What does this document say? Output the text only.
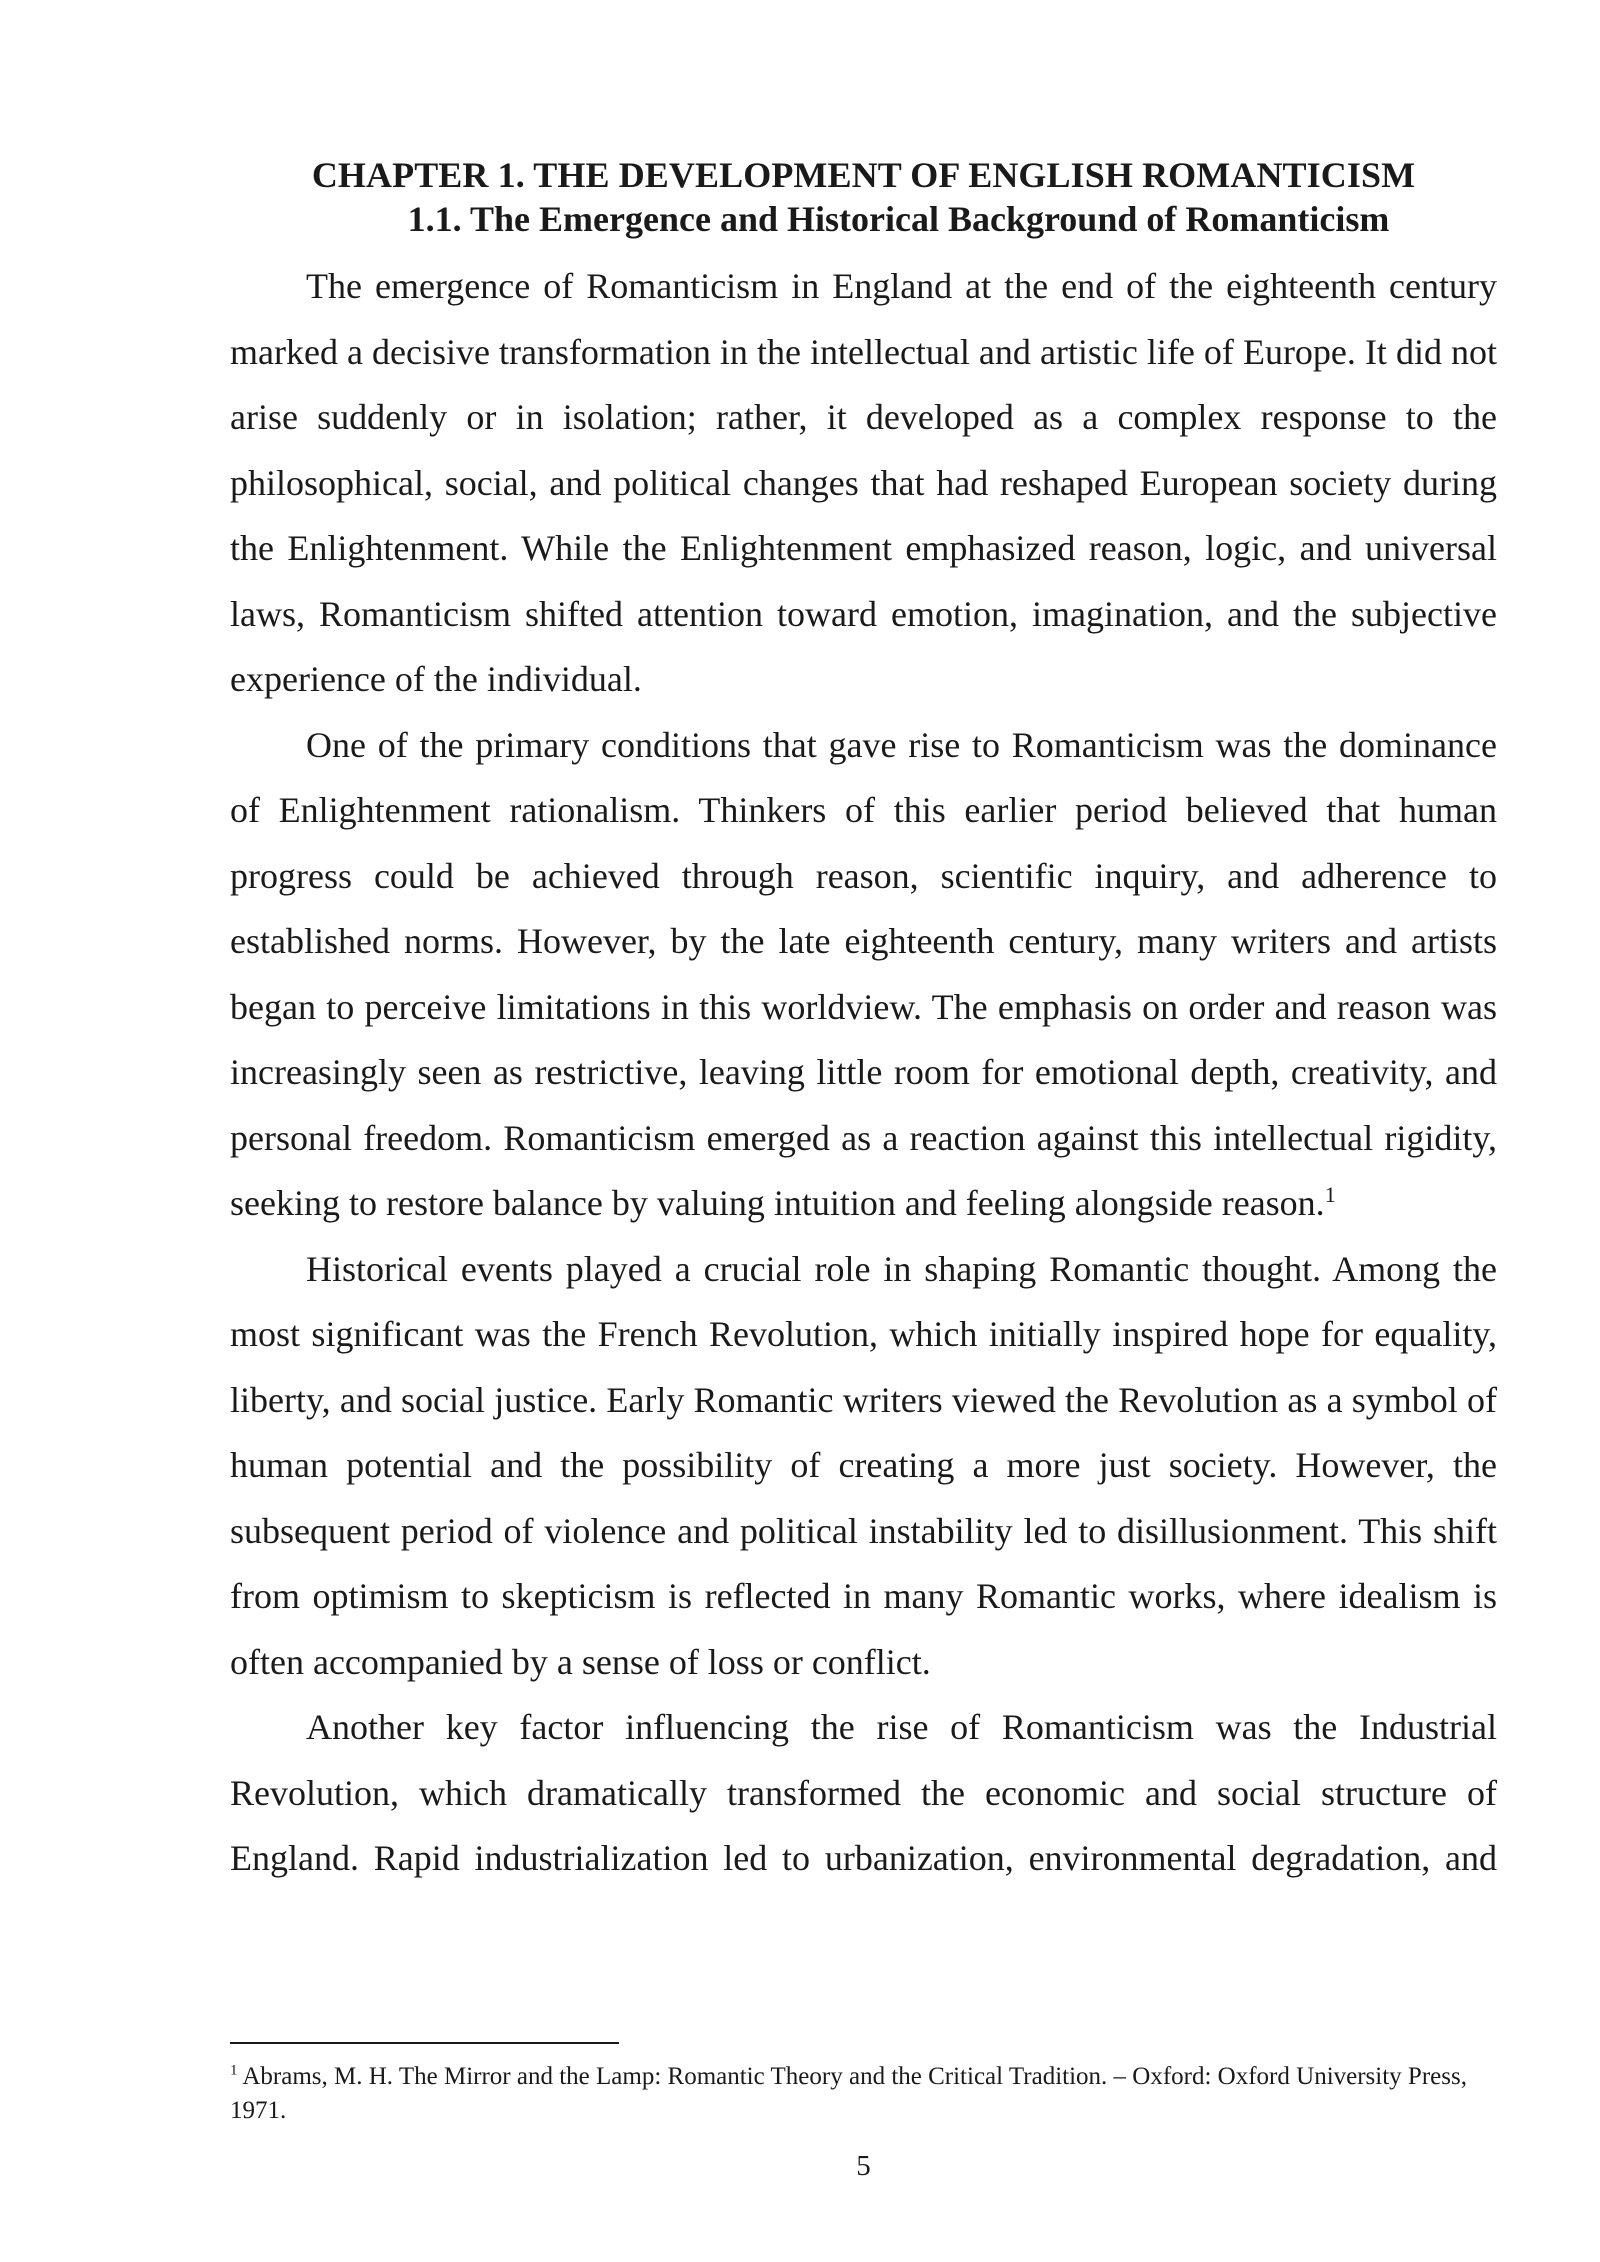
CHAPTER 1. THE DEVELOPMENT OF ENGLISH ROMANTICISM
1.1. The Emergence and Historical Background of Romanticism

The emergence of Romanticism in England at the end of the eighteenth century marked a decisive transformation in the intellectual and artistic life of Europe. It did not arise suddenly or in isolation; rather, it developed as a complex response to the philosophical, social, and political changes that had reshaped European society during the Enlightenment. While the Enlightenment emphasized reason, logic, and universal laws, Romanticism shifted attention toward emotion, imagination, and the subjective experience of the individual.

One of the primary conditions that gave rise to Romanticism was the dominance of Enlightenment rationalism. Thinkers of this earlier period believed that human progress could be achieved through reason, scientific inquiry, and adherence to established norms. However, by the late eighteenth century, many writers and artists began to perceive limitations in this worldview. The emphasis on order and reason was increasingly seen as restrictive, leaving little room for emotional depth, creativity, and personal freedom. Romanticism emerged as a reaction against this intellectual rigidity, seeking to restore balance by valuing intuition and feeling alongside reason.$^1$

Historical events played a crucial role in shaping Romantic thought. Among the most significant was the French Revolution, which initially inspired hope for equality, liberty, and social justice. Early Romantic writers viewed the Revolution as a symbol of human potential and the possibility of creating a more just society. However, the subsequent period of violence and political instability led to disillusionment. This shift from optimism to skepticism is reflected in many Romantic works, where idealism is often accompanied by a sense of loss or conflict.

Another key factor influencing the rise of Romanticism was the Industrial Revolution, which dramatically transformed the economic and social structure of England. Rapid industrialization led to urbanization, environmental degradation, and

$^1$ Abrams, M. H. The Mirror and the Lamp: Romantic Theory and the Critical Tradition. – Oxford: Oxford University Press, 1971.

5
